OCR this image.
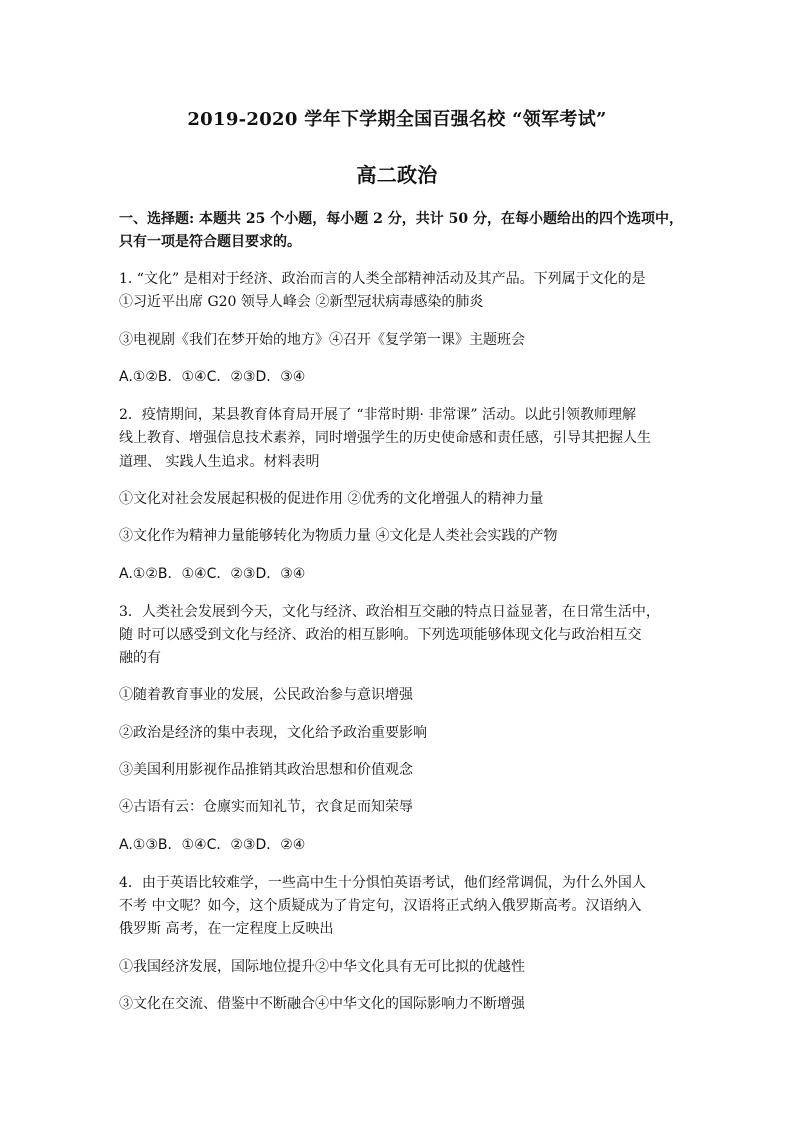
2019-2020 学年下学期全国百强名校 “领军考试”
高二政治
一、选择题: 本题共 25 个小题，每小题 2 分，共计 50 分，在每小题给出的四个选项中，
只有一项是符合题目要求的。
1. “文化” 是相对于经济、政治而言的人类全部精神活动及其产品。下列属于文化的是
①习近平出席 G20 领导人峰会 ②新型冠状病毒感染的肺炎
③电视剧《我们在梦开始的地方》④召开《复学第一课》主题班会
A.①②B．①④C．②③D．③④
2．疫情期间，某县教育体育局开展了 “非常时期· 非常课” 活动。以此引领教师理解
线上教育、增强信息技术素养，同时增强学生的历史使命感和责任感，引导其把握人生
道理、 实践人生追求。材料表明
①文化对社会发展起积极的促进作用 ②优秀的文化增强人的精神力量
③文化作为精神力量能够转化为物质力量 ④文化是人类社会实践的产物
A.①②B．①④C．②③D．③④
3．人类社会发展到今天，文化与经济、政治相互交融的特点日益显著，在日常生活中，
随 时可以感受到文化与经济、政治的相互影响。下列选项能够体现文化与政治相互交
融的有
①随着教育事业的发展，公民政治参与意识增强
②政治是经济的集中表现，文化给予政治重要影响
③美国利用影视作品推销其政治思想和价值观念
④古语有云：仓廪实而知礼节，衣食足而知荣辱
A.①③B．①④C．②③D．②④
4．由于英语比较难学，一些高中生十分惧怕英语考试，他们经常调侃，为什么外国人
不考 中文呢？如今，这个质疑成为了肯定句，汉语将正式纳入俄罗斯高考。汉语纳入
俄罗斯 高考，在一定程度上反映出
①我国经济发展，国际地位提升②中华文化具有无可比拟的优越性
③文化在交流、借鉴中不断融合④中华文化的国际影响力不断增强
